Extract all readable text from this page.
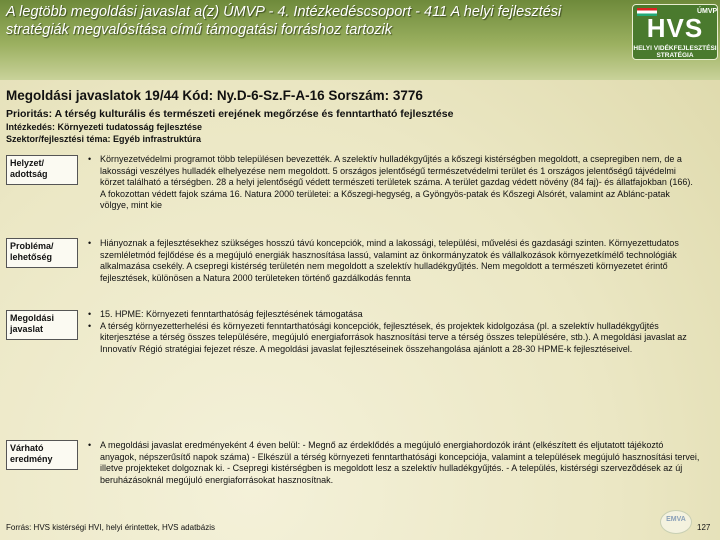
A legtöbb megoldási javaslat a(z) ÚMVP - 4. Intézkedéscsoport - 411 A helyi fejlesztési stratégiák megvalósítása című támogatási forráshoz tartozik
ÚMVP
HVS
HELYI VIDÉKFEJLESZTÉSI STRATÉGIA
Megoldási javaslatok 19/44 Kód: Ny.D-6-Sz.F-A-16 Sorszám: 3776
Prioritás: A térség kulturális és természeti erejének megőrzése és fenntartható fejlesztése
Intézkedés: Környezeti tudatosság fejlesztése
Szektor/fejlesztési téma: Egyéb infrastruktúra
Helyzet/ adottság
• Környezetvédelmi programot több településen bevezették. A szelektív hulladékgyűjtés a kőszegi kistérségben megoldott, a csepregiben nem, de a lakossági veszélyes hulladék elhelyezése nem megoldott. 5 országos jelentőségű természetvédelmi terület és 1 országos jelentőségű tájvédelmi körzet található a térségben. 28 a helyi jelentőségű védett természeti területek száma. A terület gazdag védett növény (84 faj)- és állatfajokban (166). A fokozottan védett fajok száma 16. Natura 2000 területei: a Kőszegi-hegység, a Gyöngyös-patak és Kőszegi Alsórét, valamint az Ablánc-patak völgye, mint kie
Probléma/ lehetőség
• Hiányoznak a fejlesztésekhez szükséges hosszú távú koncepciók, mind a lakossági, települési, művelési és gazdasági szinten. Környezettudatos szemléletmód fejlődése és a megújuló energiák hasznosítása lassú, valamint az önkormányzatok és vállalkozások környezetkímélő technológiák alkalmazása csekély. A csepregi kistérség területén nem megoldott a szelektív hulladékgyűjtés. Nem megoldott a természeti környezetet érintő fejlesztések, különösen a Natura 2000 területeken történő gazdálkodás fennta
Megoldási javaslat
• 15. HPME: Környezeti fenntarthatóság fejlesztésének támogatása
• A térség környezetterhelési és környezeti fenntarthatósági koncepciók, fejlesztések, és projektek kidolgozása (pl. a szelektív hulladékgyűjtés kiterjesztése a térség összes településére, megújuló energiaforrások hasznosítási terve a térség összes településére, stb.). A megoldási javaslat az Innovatív Régió stratégiai fejezet része. A megoldási javaslat fejlesztéseinek összehangolása ajánlott a 28-30 HPME-k fejlesztéseivel.
Várható eredmény
• A megoldási javaslat eredményeként 4 éven belül: - Megnő az érdeklődés a megújuló energiahordozók iránt (elkészített és eljutatott tájékoztó anyagok, népszerűsítő napok száma) - Elkészül a térség környezeti fenntarthatósági koncepciója, valamint a települések megújuló hasznosítási tervei, illetve projekteket dolgoznak ki. - Csepregi kistérségben is megoldott lesz a szelektív hulladékgyűjtés. - A település, kistérségi szervezõdések az új beruházásoknál megújuló energiaforrásokat hasznosítnak.
Forrás: HVS kistérségi HVI, helyi érintettek, HVS adatbázis
EMVA
127
